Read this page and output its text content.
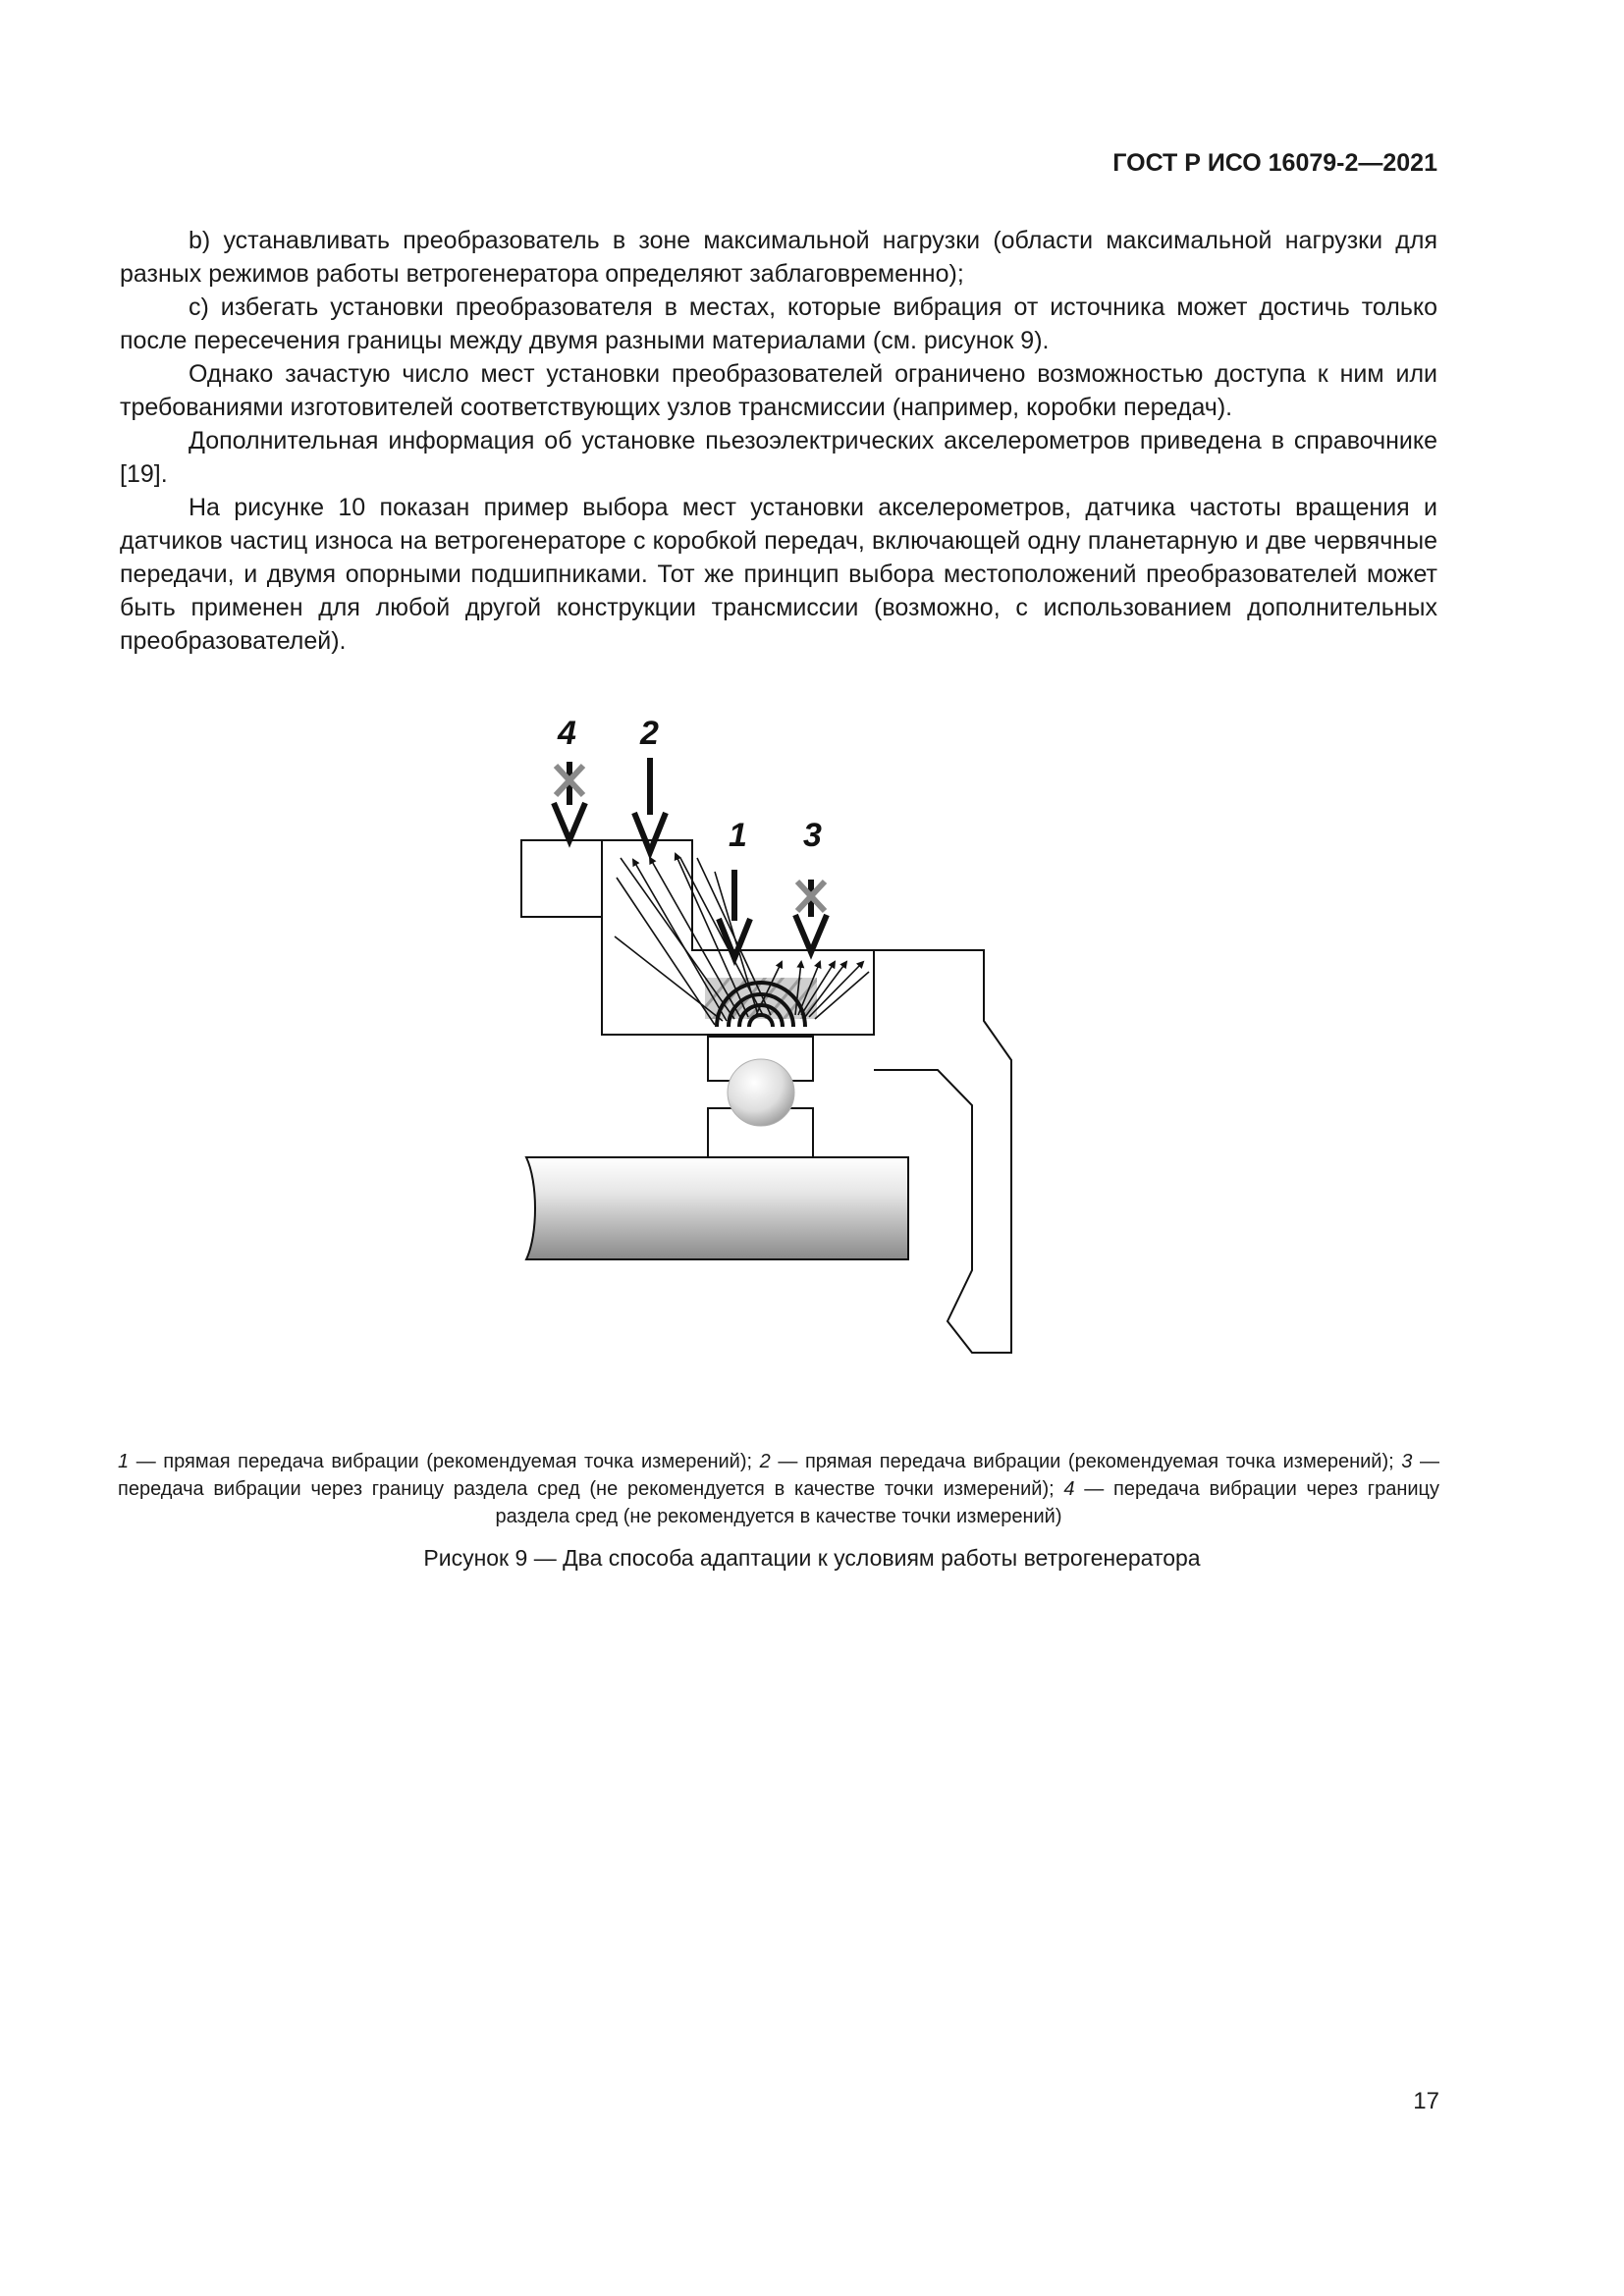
ГОСТ Р ИСО 16079-2—2021

b) устанавливать преобразователь в зоне максимальной нагрузки (области максимальной нагрузки для разных режимов работы ветрогенератора определяют заблаговременно);

c) избегать установки преобразователя в местах, которые вибрация от источника может достичь только после пересечения границы между двумя разными материалами (см. рисунок 9).

Однако зачастую число мест установки преобразователей ограничено возможностью доступа к ним или требованиями изготовителей соответствующих узлов трансмиссии (например, коробки передач).

Дополнительная информация об установке пьезоэлектрических акселерометров приведена в справочнике [19].

На рисунке 10 показан пример выбора мест установки акселерометров, датчика частоты вращения и датчиков частиц износа на ветрогенераторе с коробкой передач, включающей одну планетарную и две червячные передачи, и двумя опорными подшипниками. Тот же принцип выбора местоположений преобразователей может быть применен для любой другой конструкции трансмиссии (возможно, с использованием дополнительных преобразователей).

4 2
1 3
1 — прямая передача вибрации (рекомендуемая точка измерений); 2 — прямая передача вибрации (рекомендуемая точка измерений); 3 — передача вибрации через границу раздела сред (не рекомендуется в качестве точки измерений); 4 — передача вибрации через границу раздела сред (не рекомендуется в качестве точки измерений)
Рисунок 9 — Два способа адаптации к условиям работы ветрогенератора
17
